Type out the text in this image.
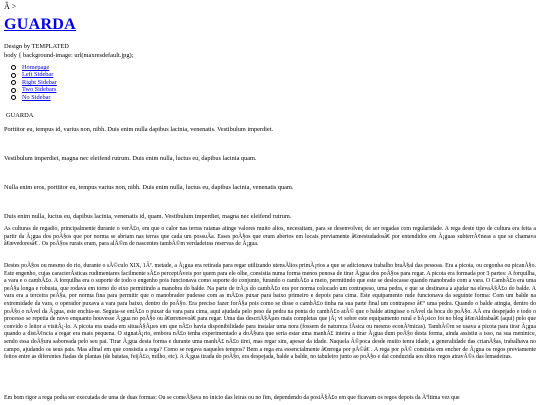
Â >
GUARDA
Design by TEMPLATED
body { background-image: url(maxresdefault.jpg);
Homepage
Left Sidebar
Right Sidebar
Two Sidebars
No Sidebar
GUARDA
Porttitor eu, tempus id, varius non, nibh. Duis enim nulla dapibus lacinia, venenatis. Vestibulum imperdiet.
Vestibulum imperdiet, magna nec eleifend rutrum. Duis enim nulla, luctus eu, dapibus lacinia quam.
Nulla enim eros, porttitor eu, tempus varius non, nibh. Duis enim nulla, luctus eu, dapibus lacinia, venenatis quam.
Duis enim nulla, luctus eu, dapibus lacinia, venenatis id, quam. Vestibulum imperdiet, magna nec eleifend rutrum.

As culturas de regadio, principalmente durante o verÃ£o, em que o calor nas terras raianas atinge valores muito altos, necessitam, para se desenvolver, de ser regadas com regularidade. A rega deste tipo de cultura era feita a partir da Ã¡gua dos poÃ§os que por norma se abriam nas terras que cada um possuÃa. Esses poÃ§os que eram abertos em locais previamente â€œestudadosâ€ por entendidos em Ã¡guas subterrÃ¢neas a que se chamava â€œvedoresâ€ . Os poÃ§os rurais eram, para alÃ©m de nascentes tambÃ©m verdadeiras reservas de Ã¡gua.

Destes poÃ§os ou mesmo do rio, durante o sÃ©culo XIX, 1Âª. metade, a Ã¡gua era retirada para regar utilizando utensÃlios primÃ¡rios a que se adicionava trabalho braÃ§al das pessoas. Era a picota, ou cegonha ou picanÃ§o. Este engenho, cujas caracterÃsticas rudimentares facilmente sÃ£o perceptÃveis por quem para ele olhe, consistia numa forma menos penosa de tirar Ã¡gua dos poÃ§os para regar. A picota era formada por 3 partes: A forquilha, a vara e o cambÃ£o. A forquilha era o suporte de todo o engenho pois funcionava como suporte do conjunto, furando o cambÃ£o a meio, permitindo que este se deslocasse quando manobrado com a vara. O CambÃ£o era uma peÃ§a longa e robusta, que rodava em torno do eixo permitindo a manobra do balde. Na parte de trÃ¡s do cambÃ£o era por norma colocado um contrapeso, uma pedra, e que se destinava a ajudar na elevaÃ§Ã£o do balde. A vara era a terceira peÃ§a, por norma fina para permitir que o manobrador pudesse com as mÃ£os puxar para baixo primeiro e depois para cima. Este equipamento rude funcionava da seguinte forma: Com um balde na extremidade da vara, o operador puxava a vara para baixo, dentro do poÃ§o. Era preciso fazer forÃ§a pois como se disse o cambÃ£o tinha na sua parte final um contrapeso â€“ uma pedra. Quando o balde atingia, dentro do poÃ§o o nÃvel da Ã¡gua, este enchia-se. Seguia-se entÃ£o o puxar da vara para cima, aqui ajudada pelo peso da pedra na ponta do cambÃ£o atÃ© que o balde atingisse o nÃvel da boca do poÃ§o. AÃ era despejado e todo o processo se repetia de novo enquanto houvesse Ã¡gua no poÃ§o ou â€œrenovoâ€ para regar. Uma das descriÃ§Ãµes mais completas que jÃ¡ vi sobre este equipamento rural e bÃ¡sico foi no blog â€œAldrabaâ€ (aqui) pelo que convido o leitor a visitÃ¡-lo. A picota era usada em situaÃ§Ãµes em que nÃ£o havia disponibilidade para instalar uma nora (fossem de natureza fÃsica ou mesmo econÃ³micas). TambÃ©m se usava a picota para tirar Ã¡gua quando a distÃ¢ncia a regar era mais pequena. O signatÃ¡rio, embora nÃ£o tenha experimentado a doÃ§ura que seria estar uma manhÃ£ inteira a tirar Ã¡gua dum poÃ§o desta forma, ainda assistiu a isso, na sua meninice, sendo essa doÃ§ura saboreada pelo seu pai. Tirar Ã¡gua desta forma e durante uma manhÃ£ nÃ£o tirei, mas regar sim, apesar da idade. Naquela Ã©poca desde muito tenra idade, a generalidade das crianÃ§as, trabalhava no campo, ajudando os seus pais. Mas afinal em que consistia a rega? Como se regava naqueles tempos? Bem a rega era essencialmente â€œrega por pÃ©â€ . A rega por pÃ© consistia em encher de Ã¡gua os regos previamente feitos entre as diferentes fiadas de plantas (de batatas, feijÃ£o, milho, etc). A Ã¡gua tirada do poÃ§o, era despejada, balde a balde, no tabuleiro junto ao poÃ§o e dai conduzida aos ditos regos atravÃ©s das lemadeiras.

Em bom rigor a rega podia ser executada de uma de duas formas: Ou se comeÃ§ava no inicio das leiras ou no fim, dependendo da posiÃ§Ã£o em que ficavam os regos depois da Ãºltima vez que
